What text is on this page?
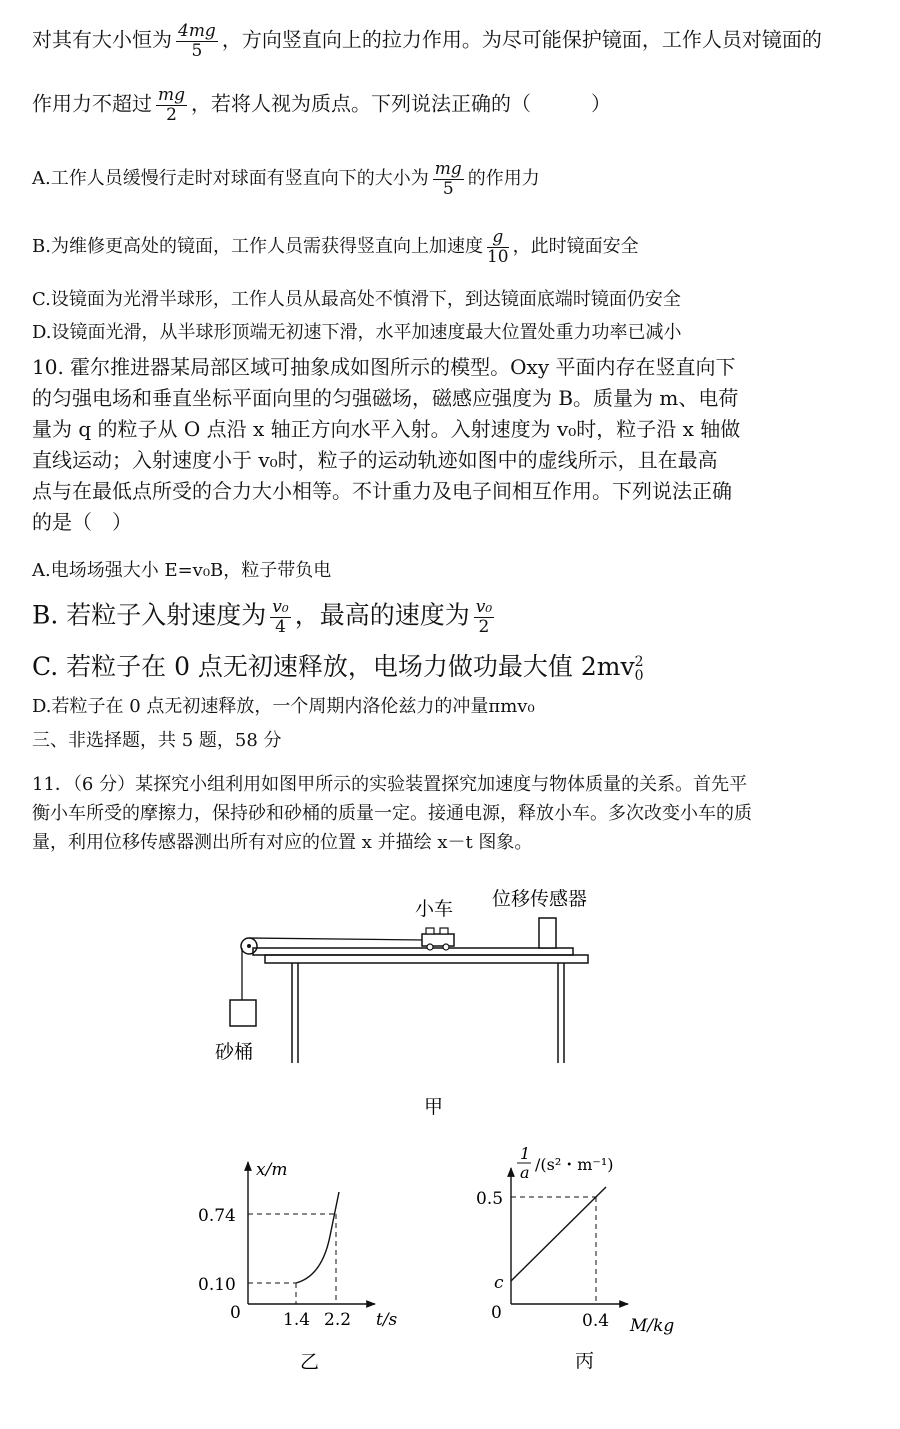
对其有大小恒为 $\frac{4mg}{5}$ ，方向竖直向上的拉力作用。为尽可能保护镜面，工作人员对镜面的
作用力不超过 $\frac{mg}{2}$ ，若将人视为质点。下列说法正确的（　　　）
A.工作人员缓慢行走时对球面有竖直向下的大小为 $\frac{mg}{5}$ 的作用力
B.为维修更高处的镜面，工作人员需获得竖直向上加速度 $\frac{g}{10}$ ，此时镜面安全
C.设镜面为光滑半球形，工作人员从最高处不慎滑下，到达镜面底端时镜面仍安全
D.设镜面光滑，从半球形顶端无初速下滑，水平加速度最大位置处重力功率已减小
10. 霍尔推进器某局部区域可抽象成如图所示的模型。Oxy 平面内存在竖直向下
的匀强电场和垂直坐标平面向里的匀强磁场，磁感应强度为 B。质量为 m、电荷
量为 q 的粒子从 O 点沿 x 轴正方向水平入射。入射速度为 v₀时，粒子沿 x 轴做
直线运动；入射速度小于 v₀时，粒子的运动轨迹如图中的虚线所示，且在最高
点与在最低点所受的合力大小相等。不计重力及电子间相互作用。下列说法正确
的是（　）
A.电场场强大小 E=v₀B，粒子带负电
B. 若粒子入射速度为 $\frac{\text{v₀}}{4}$ ，最高的速度为 $\frac{\text{v₀}}{2}$
C. 若粒子在 0 点无初速释放，电场力做功最大值 2mv 2
0
D.若粒子在 0 点无初速释放，一个周期内洛伦兹力的冲量πmv₀
三、非选择题，共 5 题，58 分
11．（6 分）某探究小组利用如图甲所示的实验装置探究加速度与物体质量的关系。首先平
衡小车所受的摩擦力，保持砂和砂桶的质量一定。接通电源，释放小车。多次改变小车的质
量，利用位移传感器测出所有对应的位置 x 并描绘 x－t 图象。
小车 位移传感器
砂桶
甲
x/m
t/s
0
0.74
0.10
1.4 2.2
乙
1
a /(s²・m⁻¹)
M/kg
0
0.5
c
0.4
丙
